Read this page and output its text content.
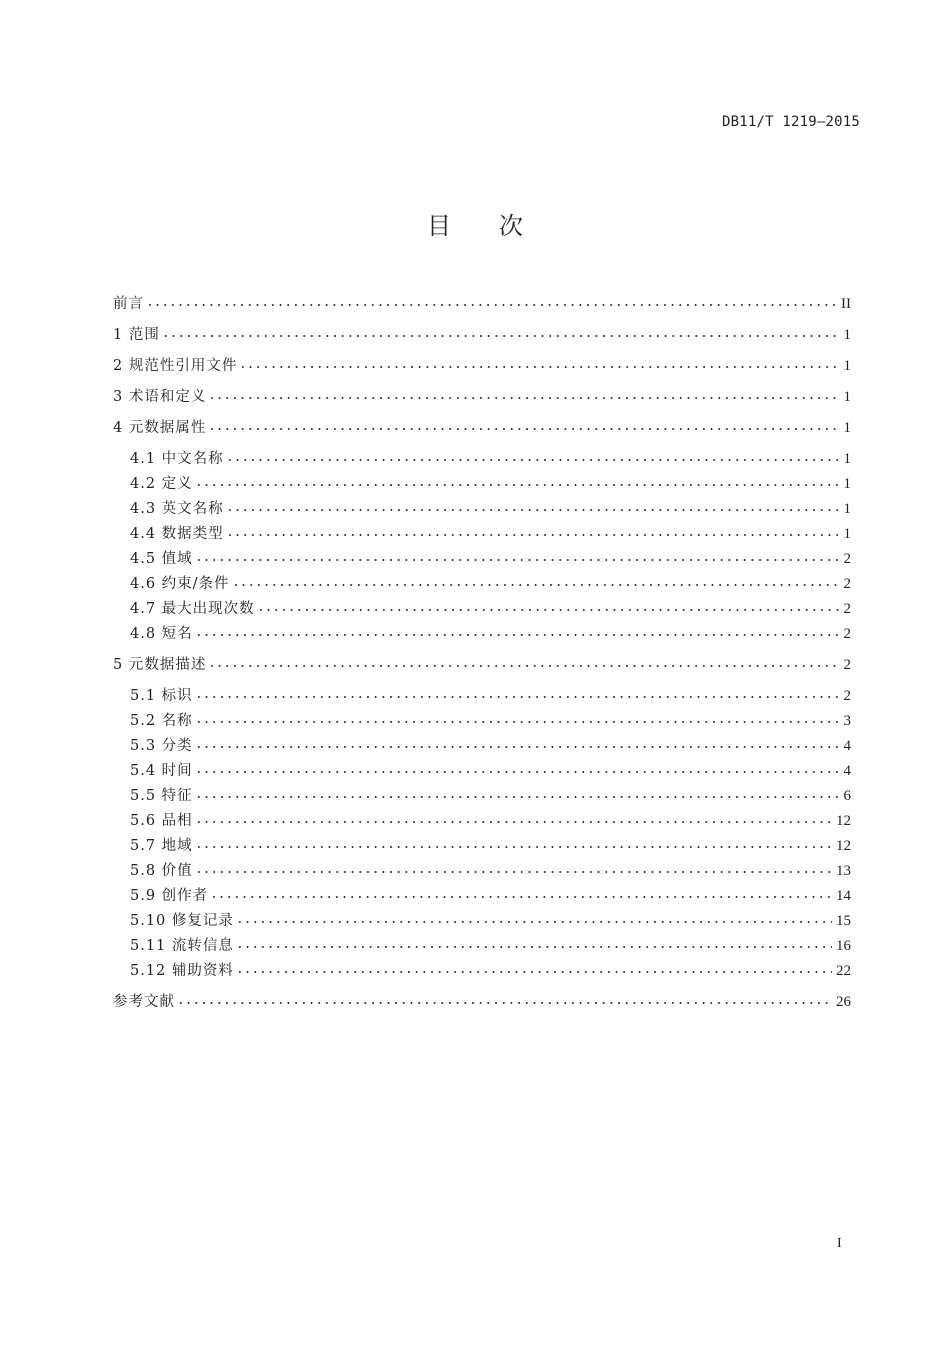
DB11/T 1219—2015
目次
前言	II
1 范围	1
2 规范性引用文件	1
3 术语和定义	1
4 元数据属性	1
4.1 中文名称	1
4.2 定义	1
4.3 英文名称	1
4.4 数据类型	1
4.5 值域	2
4.6 约束/条件	2
4.7 最大出现次数	2
4.8 短名	2
5 元数据描述	2
5.1 标识	2
5.2 名称	3
5.3 分类	4
5.4 时间	4
5.5 特征	6
5.6 品相	12
5.7 地域	12
5.8 价值	13
5.9 创作者	14
5.10 修复记录	15
5.11 流转信息	16
5.12 辅助资料	22
参考文献	26
I
